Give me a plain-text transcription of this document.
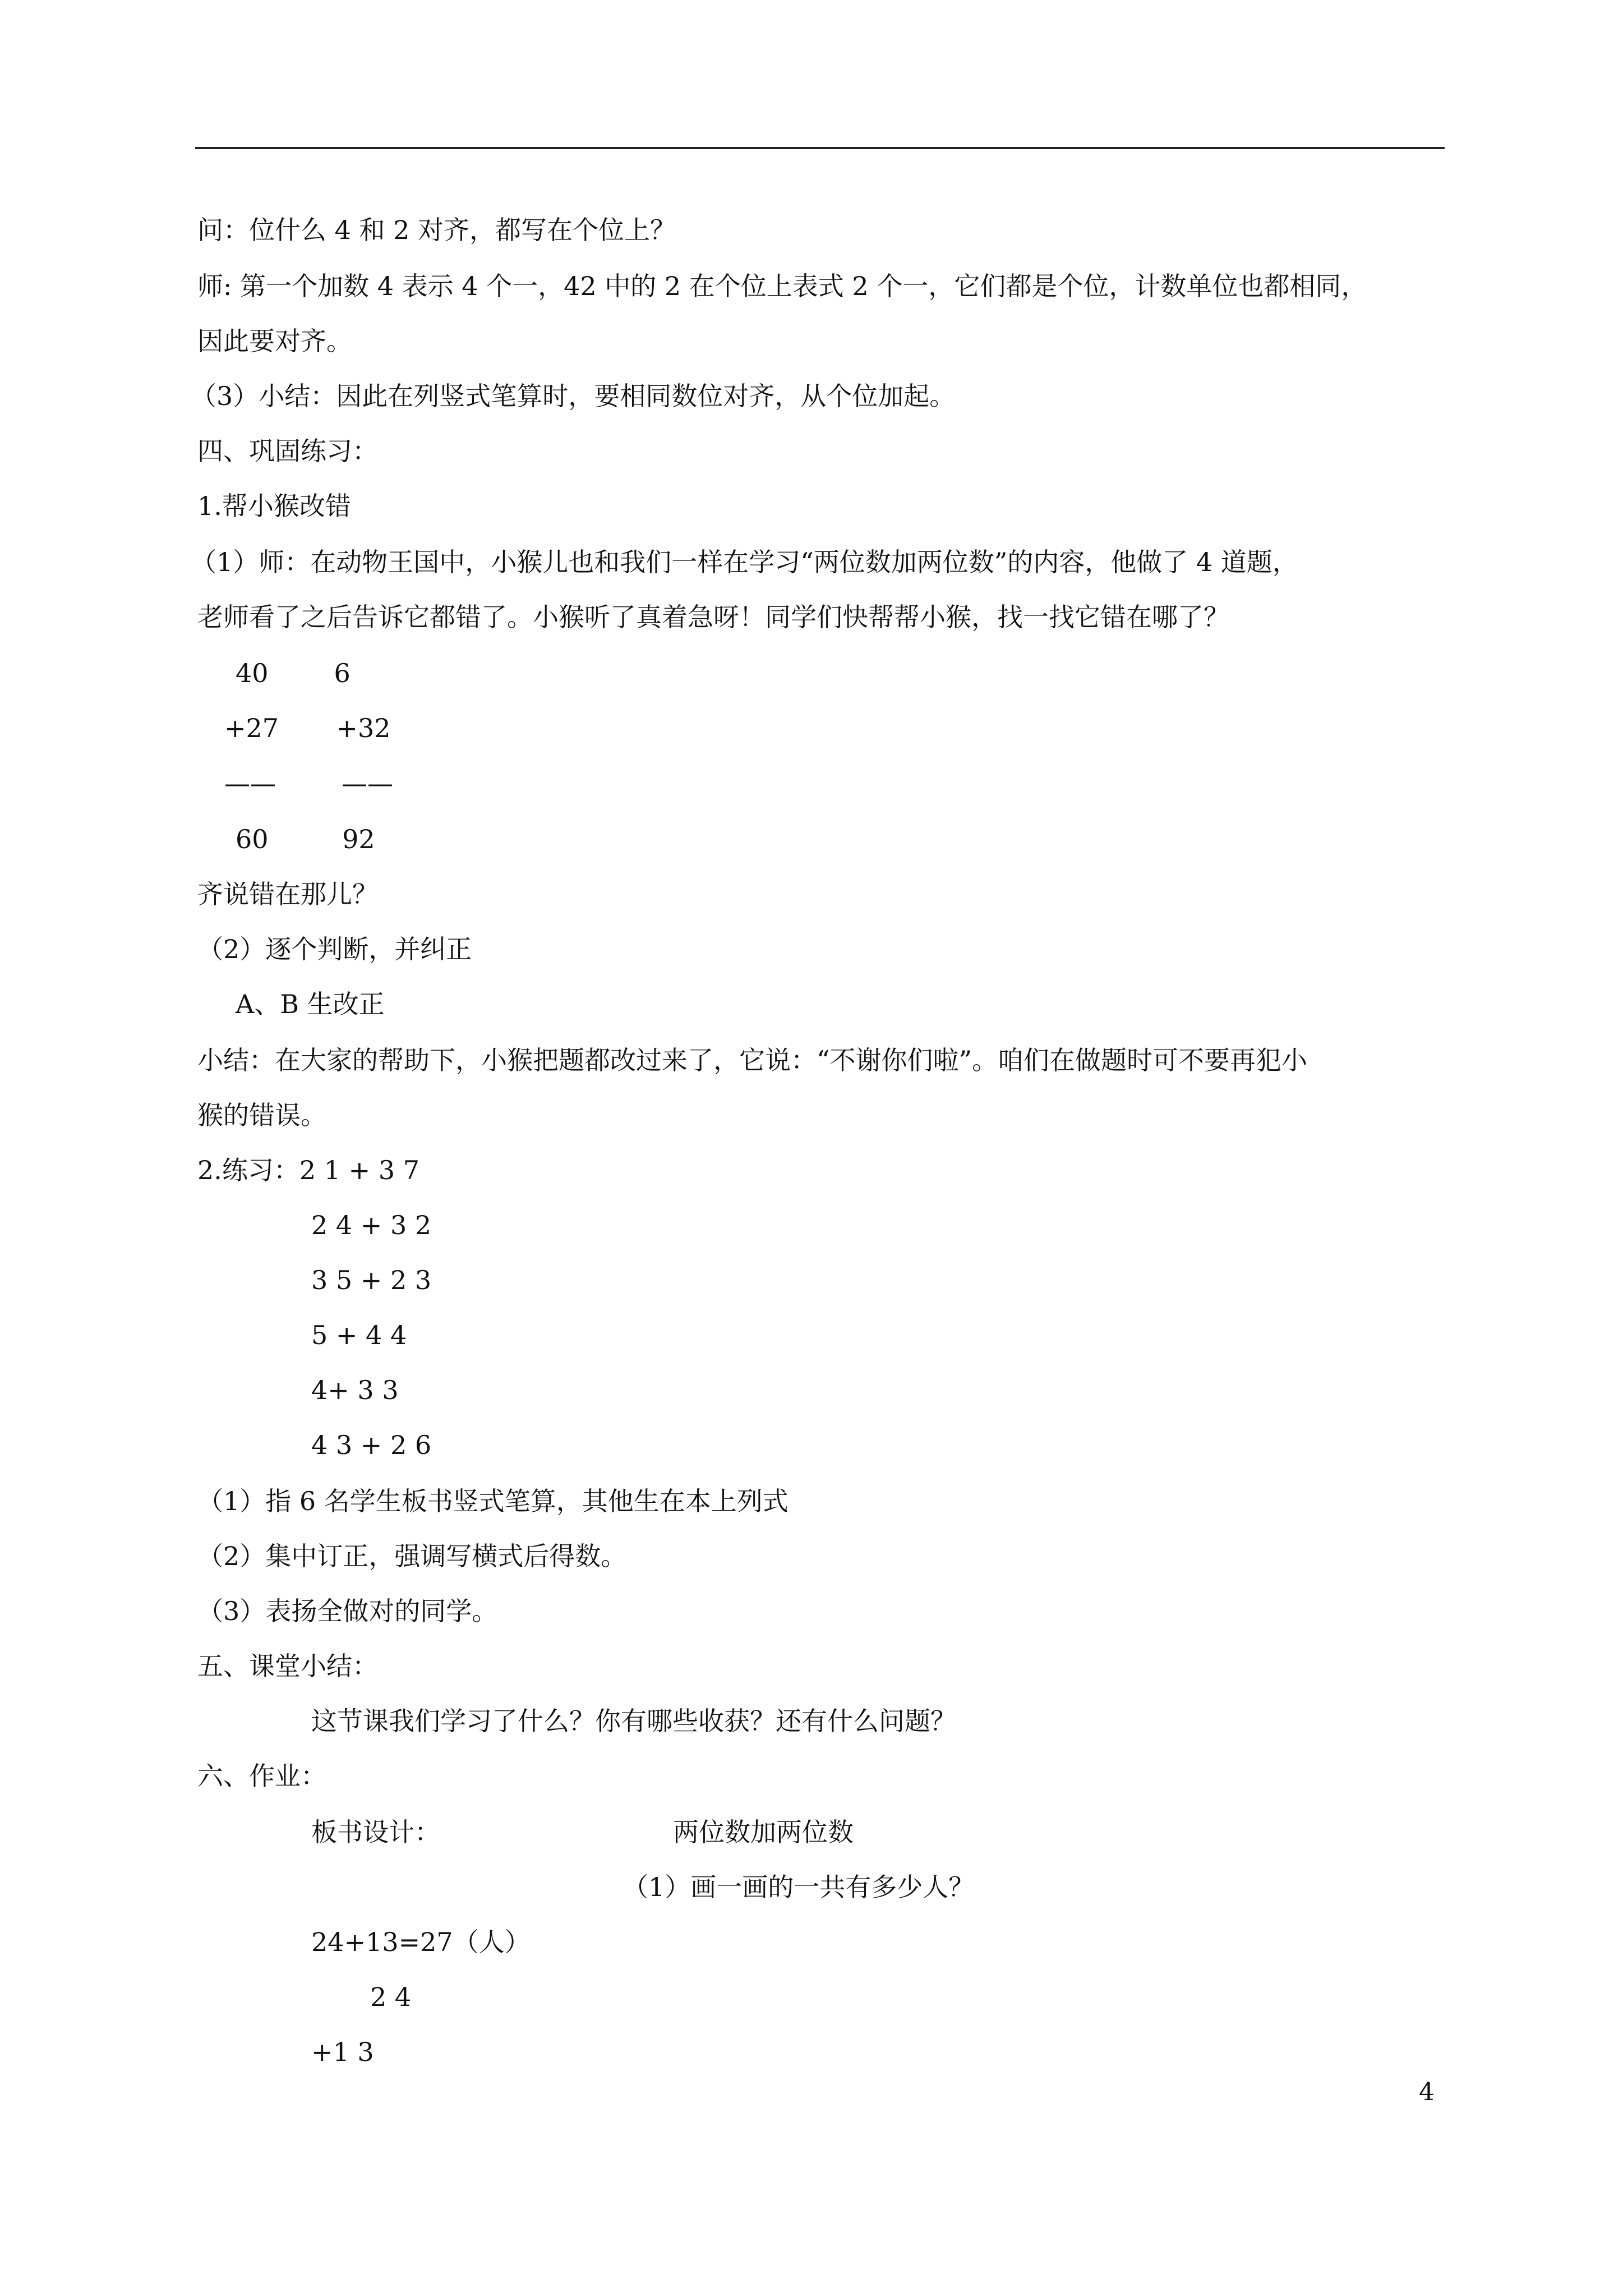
问：位什么 4 和 2 对齐，都写在个位上？
师: 第一个加数 4 表示 4 个一，42 中的 2 在个位上表式 2 个一，它们都是个位，计数单位也都相同，
因此要对齐。
（3）小结：因此在列竖式笔算时，要相同数位对齐，从个位加起。
四、巩固练习：
1.帮小猴改错
（1）师：在动物王国中，小猴儿也和我们一样在学习“两位数加两位数”的内容，他做了 4 道题，
老师看了之后告诉它都错了。小猴听了真着急呀！同学们快帮帮小猴，找一找它错在哪了？
40        6
+27       +32
——        ——
60         92
齐说错在那儿？
（2）逐个判断，并纠正
A、B 生改正
小结：在大家的帮助下，小猴把题都改过来了，它说：“不谢你们啦”。咱们在做题时可不要再犯小
猴的错误。
2.练习：2 1 + 3 7
2 4 + 3 2
3 5 + 2 3
5 + 4 4
4+ 3 3
4 3 + 2 6
（1）指 6 名学生板书竖式笔算，其他生在本上列式
（2）集中订正，强调写横式后得数。
（3）表扬全做对的同学。
五、课堂小结：
这节课我们学习了什么？你有哪些收获？还有什么问题？
六、作业：
板书设计：	两位数加两位数
（1）画一画的一共有多少人？
24+13=27（人）
2 4
+1 3
4
